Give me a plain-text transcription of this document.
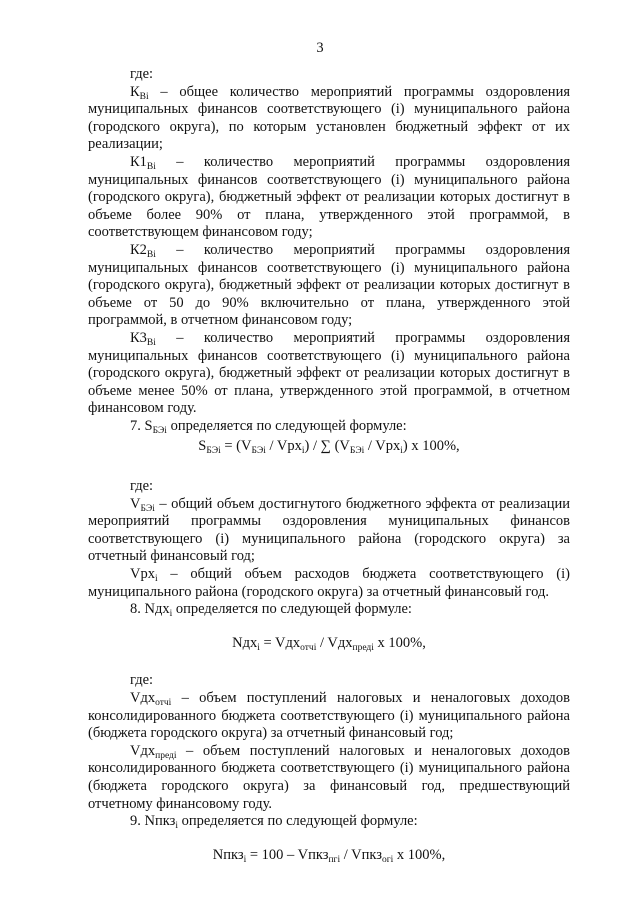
3

где:

$К_{Вi}$ – общее количество мероприятий программы оздоровления муниципальных финансов соответствующего (i) муниципального района (городского округа), по которым установлен бюджетный эффект от их реализации;

$К1_{Вi}$ – количество мероприятий программы оздоровления муниципальных финансов соответствующего (i) муниципального района (городского округа), бюджетный эффект от реализации которых достигнут в объеме более 90% от плана, утвержденного этой программой, в соответствующем финансовом году;

$К2_{Вi}$ – количество мероприятий программы оздоровления муниципальных финансов соответствующего (i) муниципального района (городского округа), бюджетный эффект от реализации которых достигнут в объеме от 50 до 90% включительно от плана, утвержденного этой программой, в отчетном финансовом году;

$К3_{Вi}$ – количество мероприятий программы оздоровления муниципальных финансов соответствующего (i) муниципального района (городского округа), бюджетный эффект от реализации которых достигнут в объеме менее 50% от плана, утвержденного этой программой, в отчетном финансовом году.

7. $S_{БЭi}$ определяется по следующей формуле:

$S_{БЭi} = (V_{БЭi} / Vрх_i)$ / ∑ $(V_{БЭi} / Vрх_i)$ х 100%,

где:

$V_{БЭi}$ – общий объем достигнутого бюджетного эффекта от реализации мероприятий программы оздоровления муниципальных финансов соответствующего (i) муниципального района (городского округа) за отчетный финансовый год;

Vрх$_i$ – общий объем расходов бюджета соответствующего (i) муниципального района (городского округа) за отчетный финансовый год.

8. Nдх$_i$ определяется по следующей формуле:

Nдх$_i$ = Vдх$_{отчi}$ / Vдх$_{предi}$ х 100%,

где:

Vдх$_{отчi}$ – объем поступлений налоговых и неналоговых доходов консолидированного бюджета соответствующего (i) муниципального района (бюджета городского округа) за отчетный финансовый год;

Vдх$_{предi}$ – объем поступлений налоговых и неналоговых доходов консолидированного бюджета соответствующего (i) муниципального района (бюджета городского округа) за финансовый год, предшествующий отчетному финансовому году.

9. Nпкз$_i$ определяется по следующей формуле:

Nпкз$_i$ = 100 – Vпкз$_{пгi}$ / Vпкз$_{огi}$ х 100%,
